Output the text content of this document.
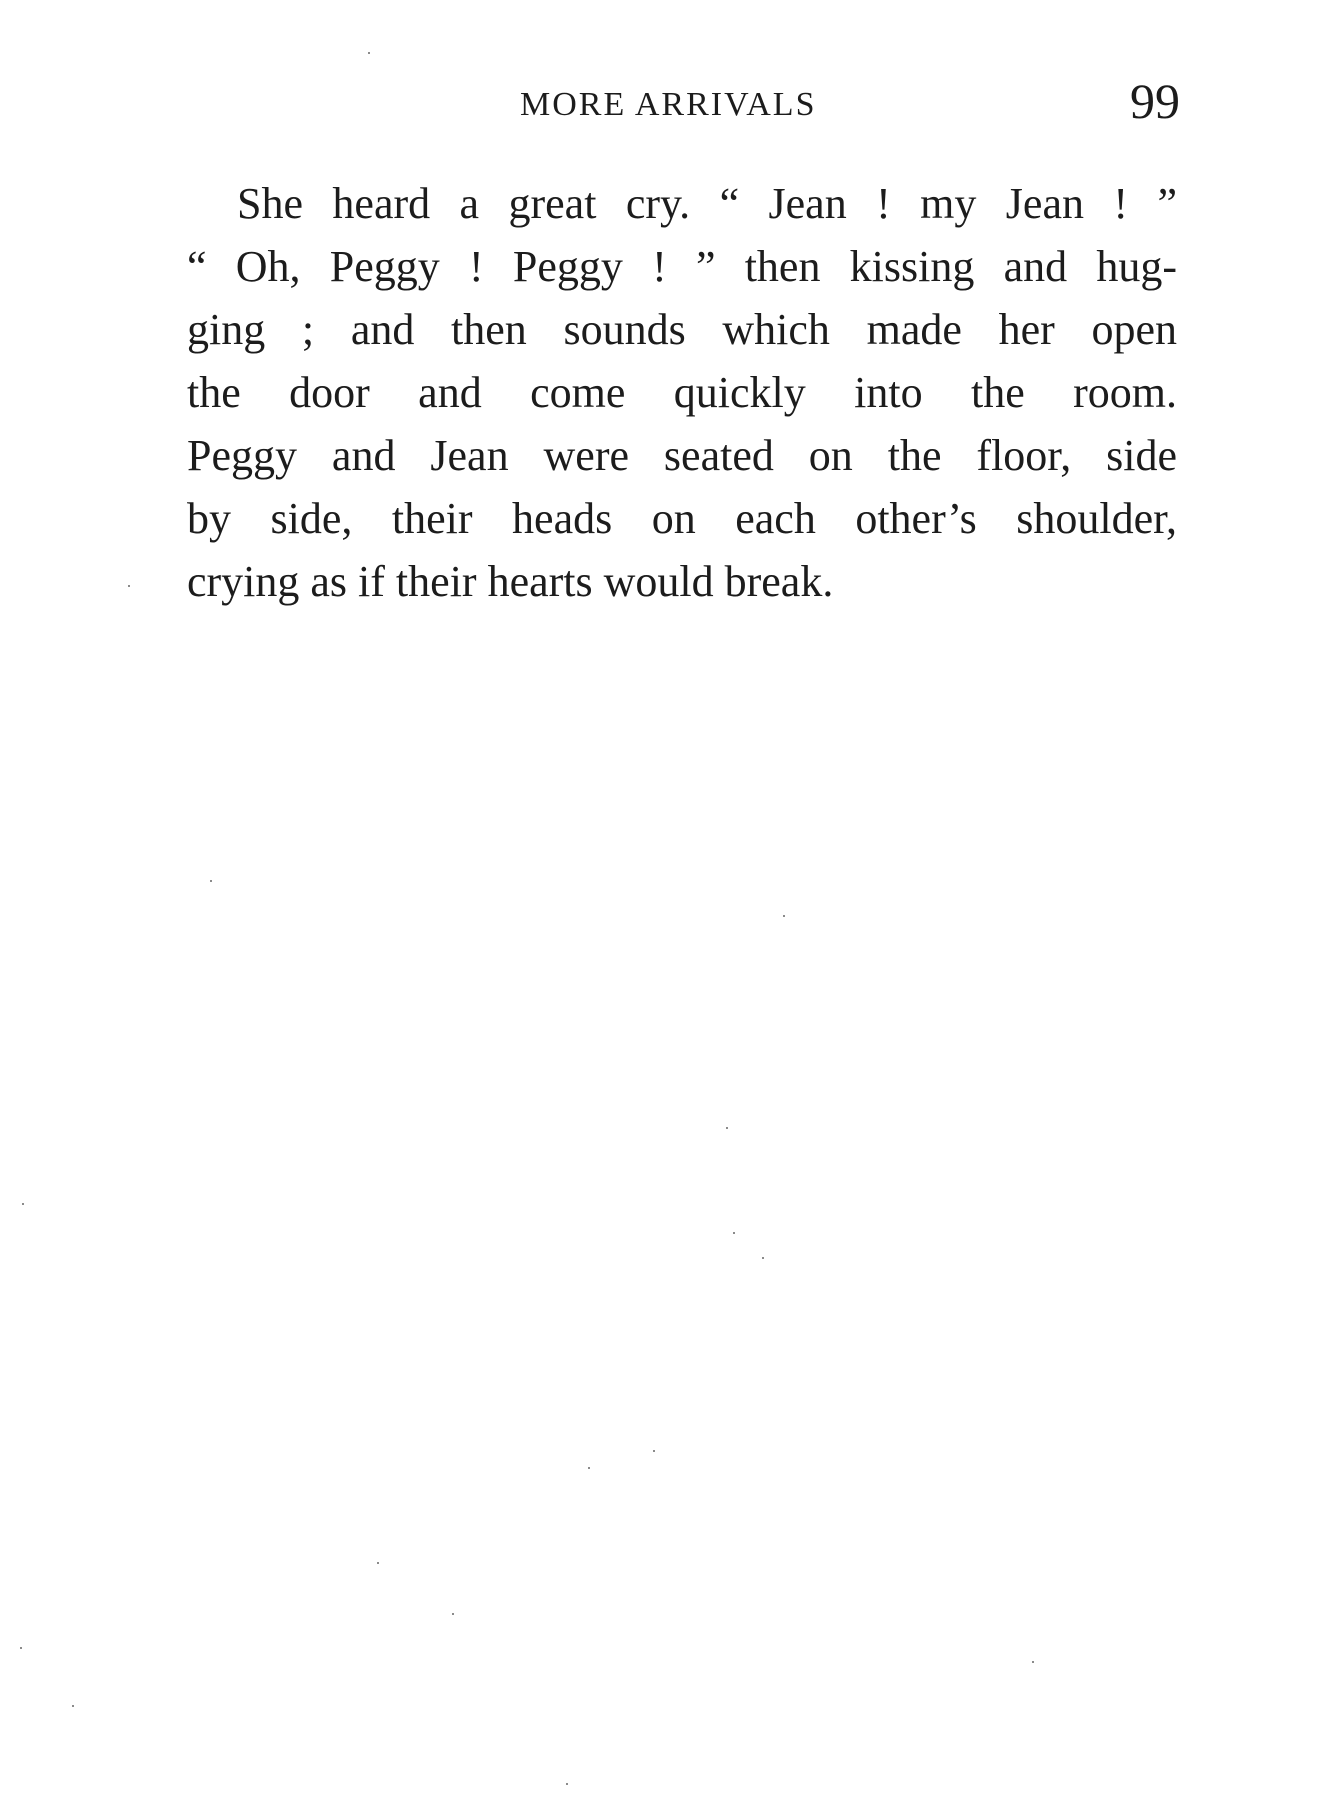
MORE ARRIVALS	99
She heard a great cry. “ Jean ! my Jean ! ”
“ Oh, Peggy ! Peggy ! ” then kissing and hug-
ging ; and then sounds which made her open
the door and come quickly into the room.
Peggy and Jean were seated on the floor, side
by side, their heads on each other’s shoulder,
crying as if their hearts would break.
